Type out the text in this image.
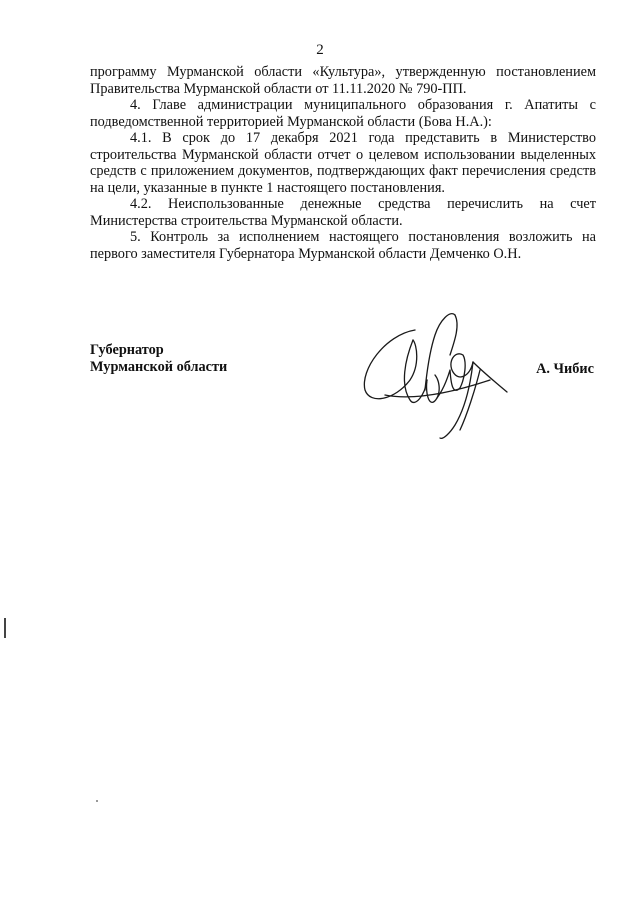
2

программу Мурманской области «Культура», утвержденную постановлением Правительства Мурманской области от 11.11.2020 № 790-ПП.

4. Главе администрации муниципального образования г. Апатиты с подведомственной территорией Мурманской области (Бова Н.А.):

4.1. В срок до 17 декабря 2021 года представить в Министерство строительства Мурманской области отчет о целевом использовании выделенных средств с приложением документов, подтверждающих факт перечисления средств на цели, указанные в пункте 1 настоящего постановления.

4.2. Неиспользованные денежные средства перечислить на счет Министерства строительства Мурманской области.

5. Контроль за исполнением настоящего постановления возложить на первого заместителя Губернатора Мурманской области Демченко О.Н.

Губернатор
Мурманской области	А. Чибис
